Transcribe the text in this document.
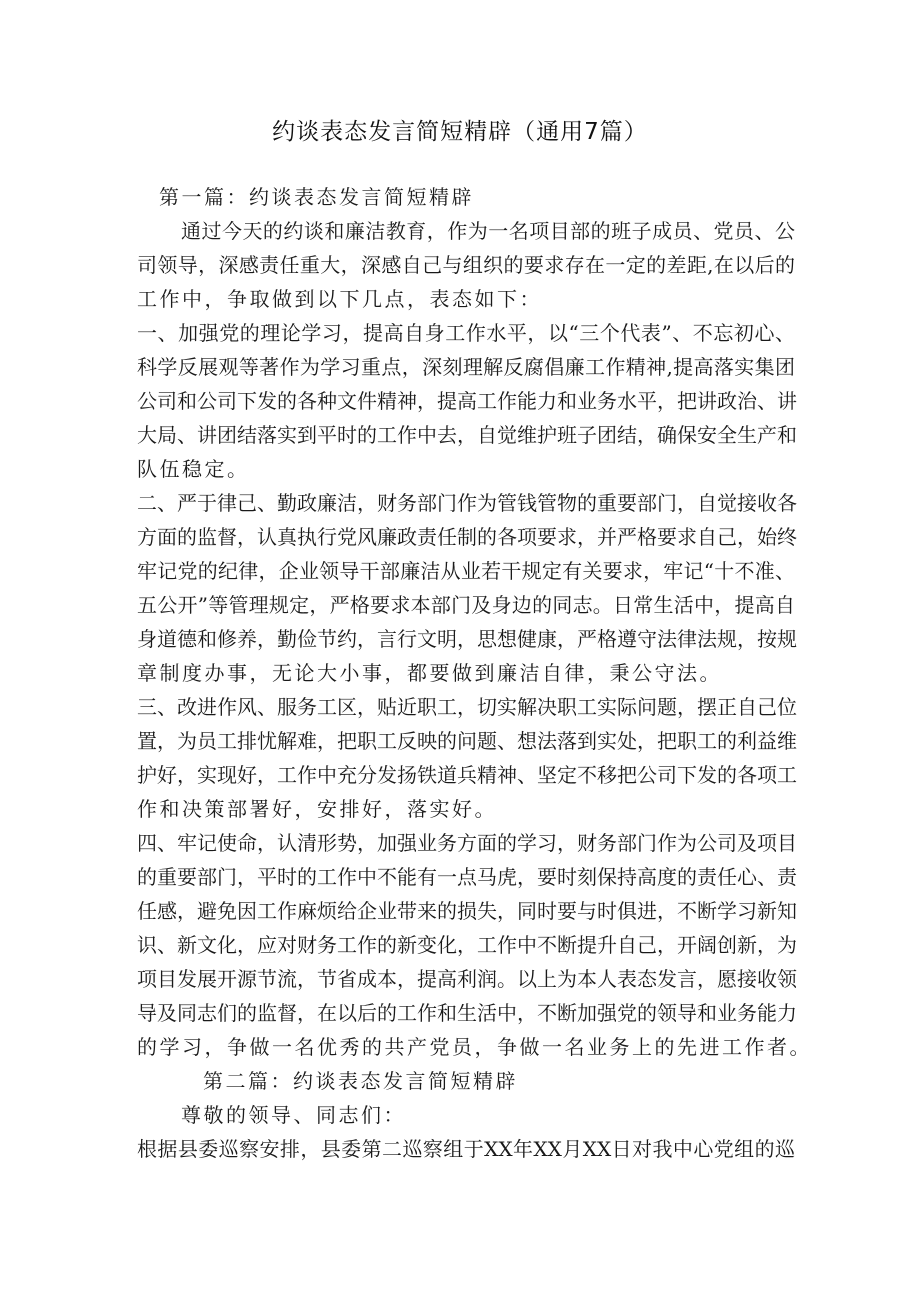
约谈表态发言简短精辟（通用7篇）
第一篇：约谈表态发言简短精辟
通过今天的约谈和廉洁教育，作为一名项目部的班子成员、党员、公
司领导，深感责任重大，深感自己与组织的要求存在一定的差距,在以后的
工作中，争取做到以下几点，表态如下：
一、加强党的理论学习，提高自身工作水平，以“三个代表”、不忘初心、
科学反展观等著作为学习重点，深刻理解反腐倡廉工作精神,提高落实集团
公司和公司下发的各种文件精神，提高工作能力和业务水平，把讲政治、讲
大局、讲团结落实到平时的工作中去，自觉维护班子团结，确保安全生产和
队伍稳定。
二、严于律己、勤政廉洁，财务部门作为管钱管物的重要部门，自觉接收各
方面的监督，认真执行党风廉政责任制的各项要求，并严格要求自己，始终
牢记党的纪律，企业领导干部廉洁从业若干规定有关要求，牢记“十不准、
五公开”等管理规定，严格要求本部门及身边的同志。日常生活中，提高自
身道德和修养，勤俭节约，言行文明，思想健康，严格遵守法律法规，按规
章制度办事，无论大小事，都要做到廉洁自律，秉公守法。
三、改进作风、服务工区，贴近职工，切实解决职工实际问题，摆正自己位
置，为员工排忧解难，把职工反映的问题、想法落到实处，把职工的利益维
护好，实现好，工作中充分发扬铁道兵精神、坚定不移把公司下发的各项工
作和决策部署好，安排好，落实好。
四、牢记使命，认清形势，加强业务方面的学习，财务部门作为公司及项目
的重要部门，平时的工作中不能有一点马虎，要时刻保持高度的责任心、责
任感，避免因工作麻烦给企业带来的损失，同时要与时俱进，不断学习新知
识、新文化，应对财务工作的新变化，工作中不断提升自己，开阔创新，为
项目发展开源节流，节省成本，提高利润。以上为本人表态发言，愿接收领
导及同志们的监督，在以后的工作和生活中，不断加强党的领导和业务能力
的学习，争做一名优秀的共产党员，争做一名业务上的先进工作者。
第二篇：约谈表态发言简短精辟
尊敬的领导、同志们：
根据县委巡察安排，县委第二巡察组于XX年XX月XX日对我中心党组的巡
